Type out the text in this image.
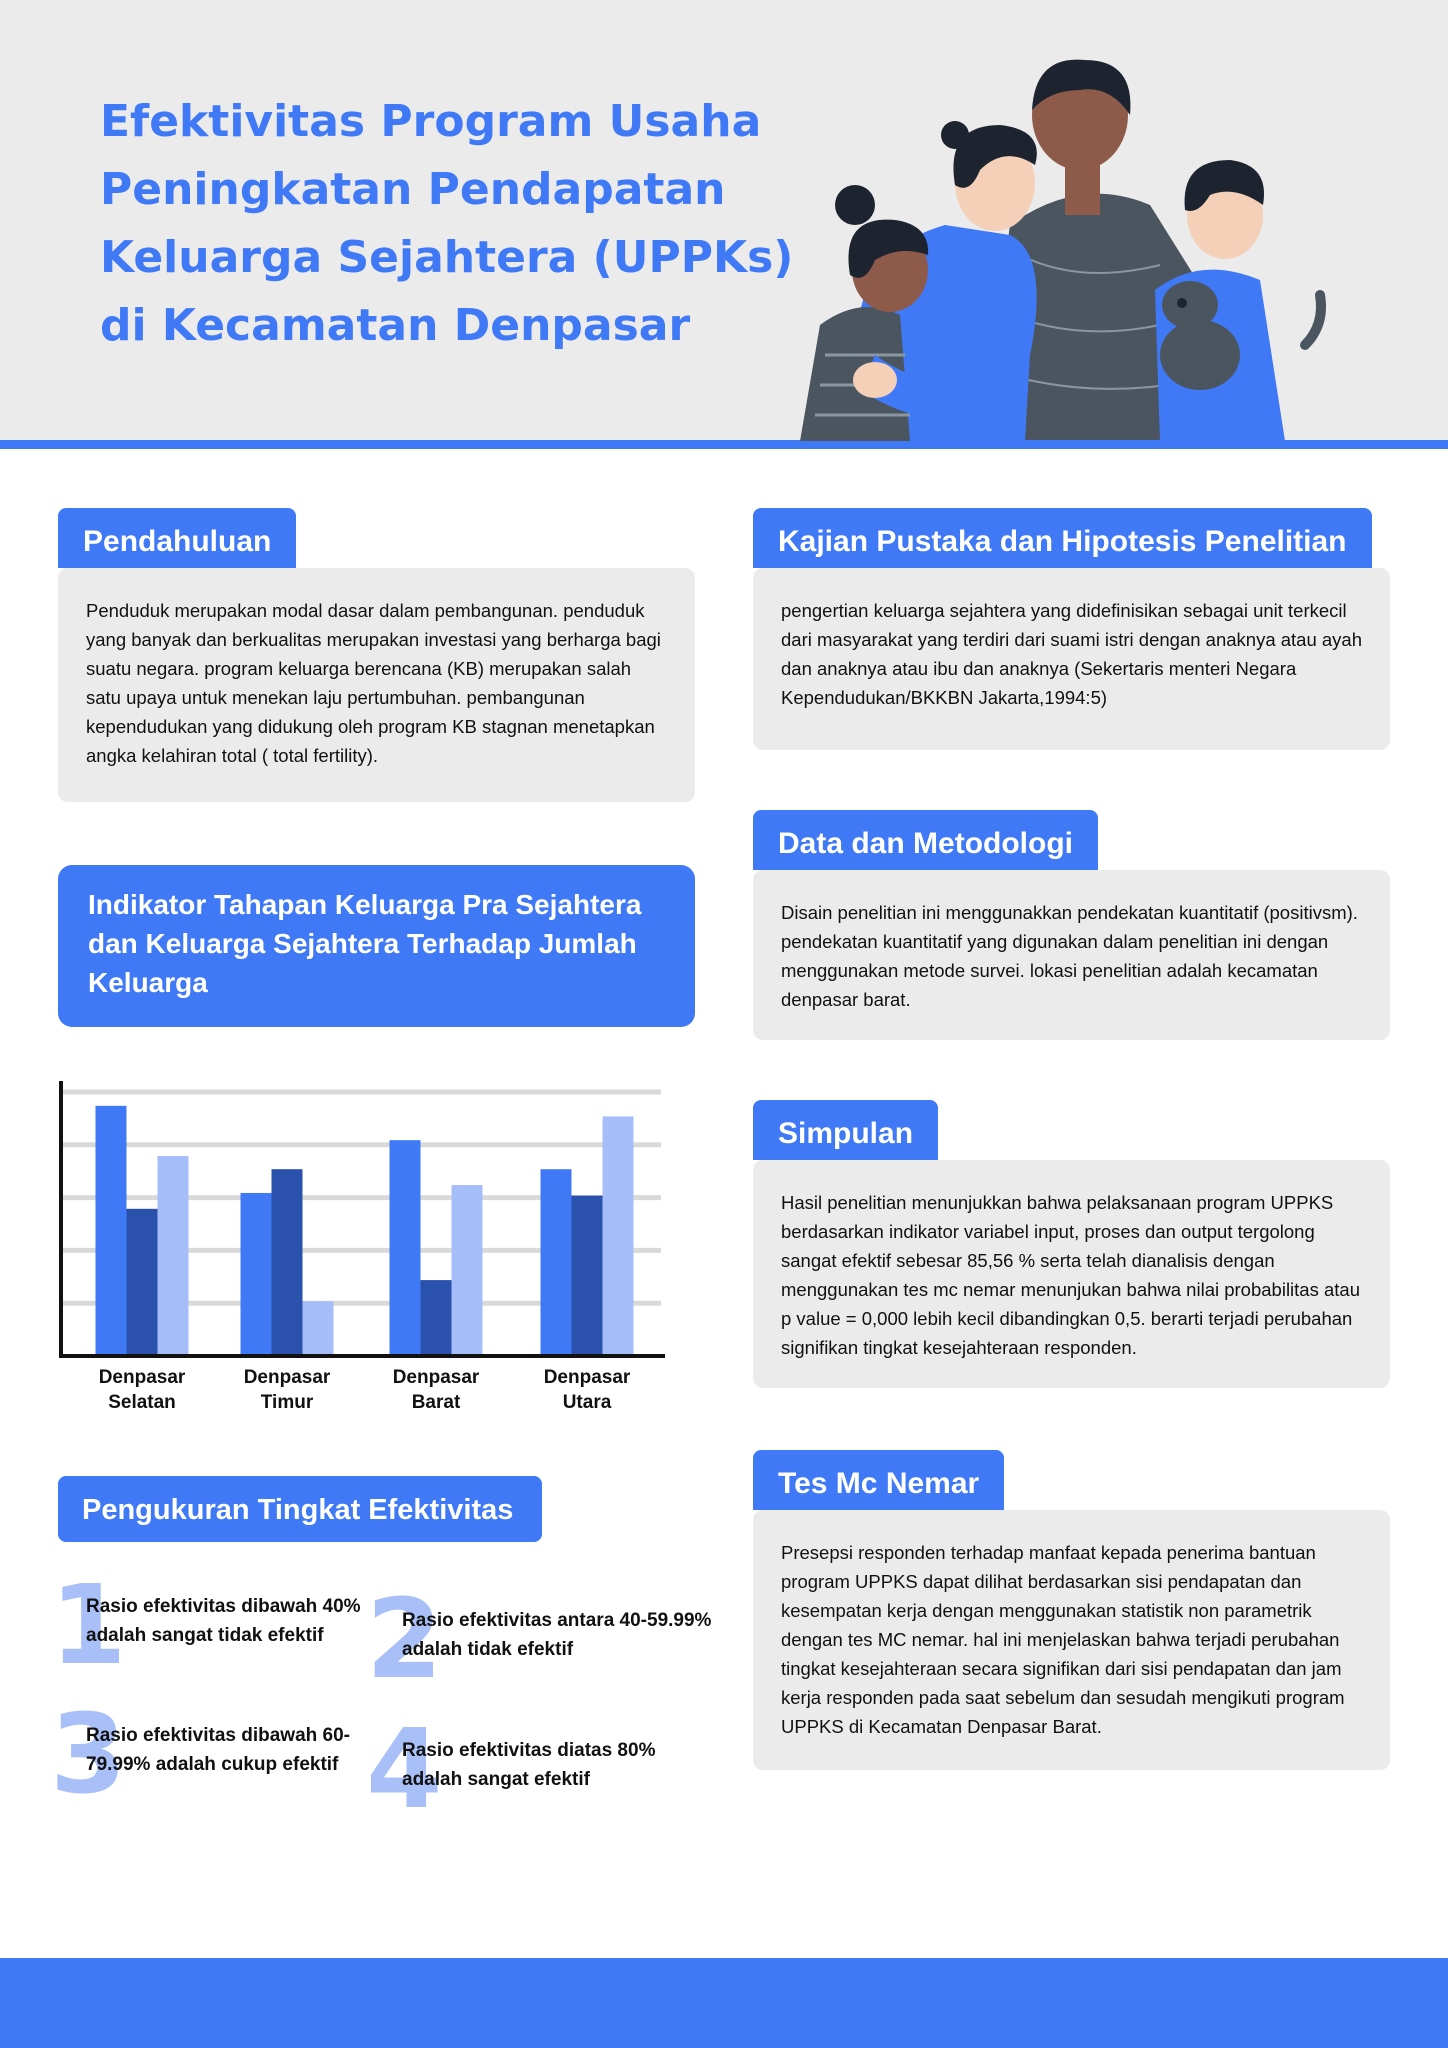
Efektivitas Program Usaha
Peningkatan Pendapatan
Keluarga Sejahtera (UPPKs)
di Kecamatan Denpasar
Pendahuluan
Penduduk merupakan modal dasar dalam pembangunan. penduduk yang banyak dan berkualitas merupakan investasi yang berharga bagi suatu negara. program keluarga berencana (KB) merupakan salah satu upaya untuk menekan laju pertumbuhan. pembangunan kependudukan yang didukung oleh program KB stagnan menetapkan angka kelahiran total ( total fertility).
Kajian Pustaka dan Hipotesis Penelitian
pengertian keluarga sejahtera yang didefinisikan sebagai unit terkecil dari masyarakat yang terdiri dari suami istri dengan anaknya atau ayah dan anaknya atau ibu dan anaknya (Sekertaris menteri Negara Kependudukan/BKKBN Jakarta,1994:5)
Indikator Tahapan Keluarga Pra Sejahtera dan Keluarga Sejahtera Terhadap Jumlah Keluarga
Denpasar
Selatan
Denpasar
Timur
Denpasar
Barat
Denpasar
Utara
Data dan Metodologi
Disain penelitian ini menggunakkan pendekatan kuantitatif (positivsm). pendekatan kuantitatif yang digunakan dalam penelitian ini dengan menggunakan metode survei. lokasi penelitian adalah kecamatan denpasar barat.
Simpulan
Hasil penelitian menunjukkan bahwa pelaksanaan program UPPKS berdasarkan indikator variabel input, proses dan output tergolong sangat efektif sebesar 85,56 % serta telah dianalisis dengan menggunakan tes mc nemar menunjukan bahwa nilai probabilitas atau p value = 0,000 lebih kecil dibandingkan 0,5. berarti terjadi perubahan signifikan tingkat kesejahteraan responden.
Tes Mc Nemar
Presepsi responden terhadap manfaat kepada penerima bantuan program UPPKS dapat dilihat berdasarkan sisi pendapatan dan kesempatan kerja dengan menggunakan statistik non parametrik dengan tes MC nemar. hal ini menjelaskan bahwa terjadi perubahan tingkat kesejahteraan secara signifikan dari sisi pendapatan dan jam kerja responden pada saat sebelum dan sesudah mengikuti program UPPKS di Kecamatan Denpasar Barat.
Pengukuran Tingkat Efektivitas
1
Rasio efektivitas dibawah 40% adalah sangat tidak efektif 2
Rasio efektivitas antara 40-59.99% adalah tidak efektif
3
Rasio efektivitas dibawah 60-79.99% adalah cukup efektif 4
Rasio efektivitas diatas 80% adalah sangat efektif
